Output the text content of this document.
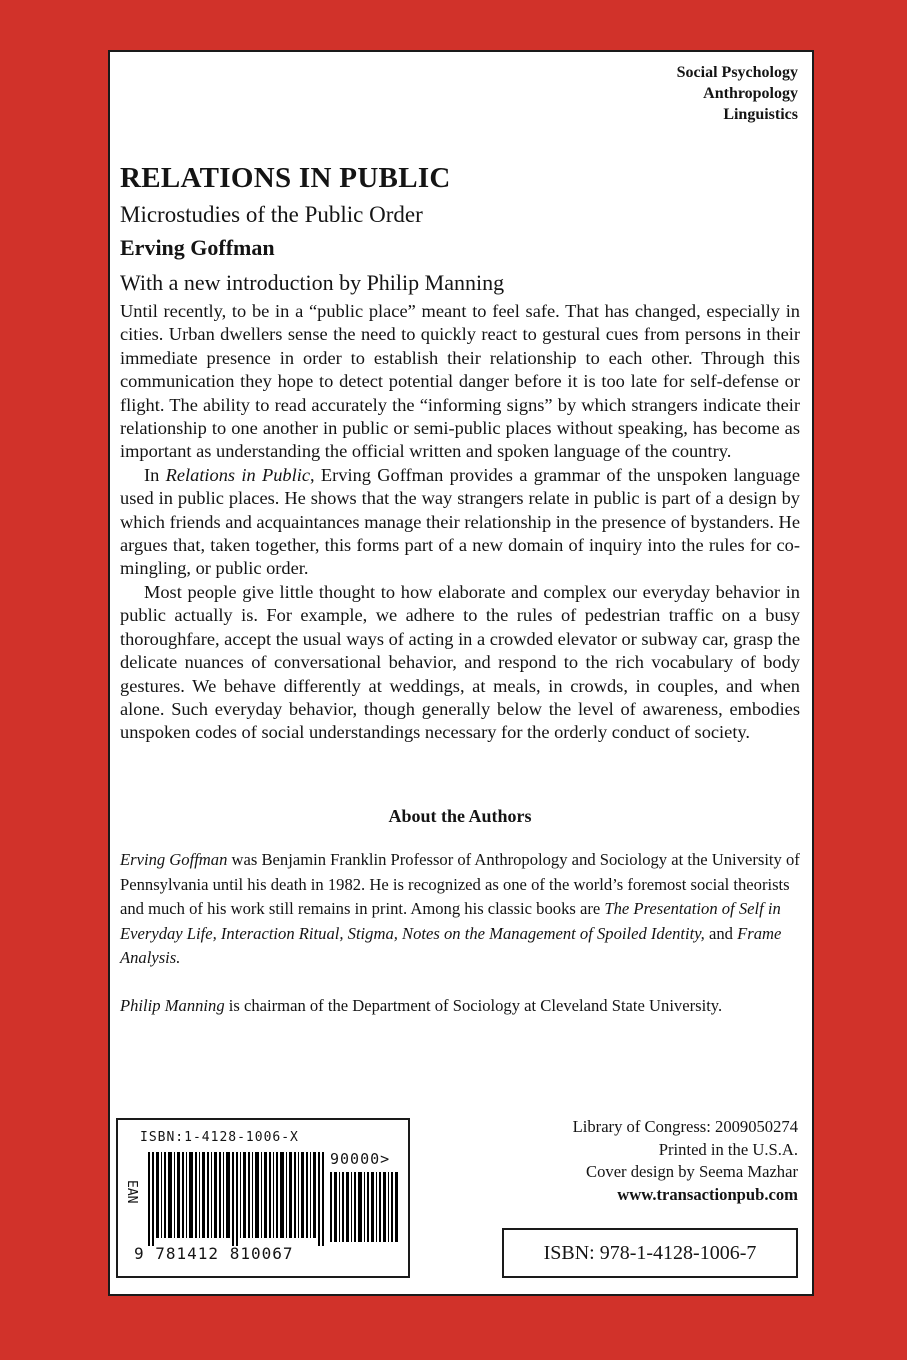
Social Psychology
Anthropology
Linguistics
RELATIONS IN PUBLIC
Microstudies of the Public Order
Erving Goffman
With a new introduction by Philip Manning

Until recently, to be in a “public place” meant to feel safe. That has changed, especially in cities. Urban dwellers sense the need to quickly react to gestural cues from persons in their immediate presence in order to establish their relationship to each other. Through this communication they hope to detect potential danger before it is too late for self-defense or flight. The ability to read accurately the “informing signs” by which strangers indicate their relationship to one another in public or semi-public places without speaking, has become as important as understanding the official written and spoken language of the country.

In Relations in Public, Erving Goffman provides a grammar of the unspoken language used in public places. He shows that the way strangers relate in public is part of a design by which friends and acquaintances manage their relationship in the presence of bystanders. He argues that, taken together, this forms part of a new domain of inquiry into the rules for co-mingling, or public order.

Most people give little thought to how elaborate and complex our everyday behavior in public actually is. For example, we adhere to the rules of pedestrian traffic on a busy thoroughfare, accept the usual ways of acting in a crowded elevator or subway car, grasp the delicate nuances of conversational behavior, and respond to the rich vocabulary of body gestures. We behave differently at weddings, at meals, in crowds, in couples, and when alone. Such everyday behavior, though generally below the level of awareness, embodies unspoken codes of social understandings necessary for the orderly conduct of society.

About the Authors

Erving Goffman was Benjamin Franklin Professor of Anthropology and Sociology at the University of Pennsylvania until his death in 1982. He is recognized as one of the world’s foremost social theorists and much of his work still remains in print. Among his classic books are The Presentation of Self in Everyday Life, Interaction Ritual, Stigma, Notes on the Management of Spoiled Identity, and Frame Analysis.

Philip Manning is chairman of the Department of Sociology at Cleveland State University.

ISBN:1-4128-1006-X
90000>
EAN
9 781412 810067
Library of Congress: 2009050274
Printed in the U.S.A.
Cover design by Seema Mazhar
www.transactionpub.com
ISBN: 978-1-4128-1006-7
